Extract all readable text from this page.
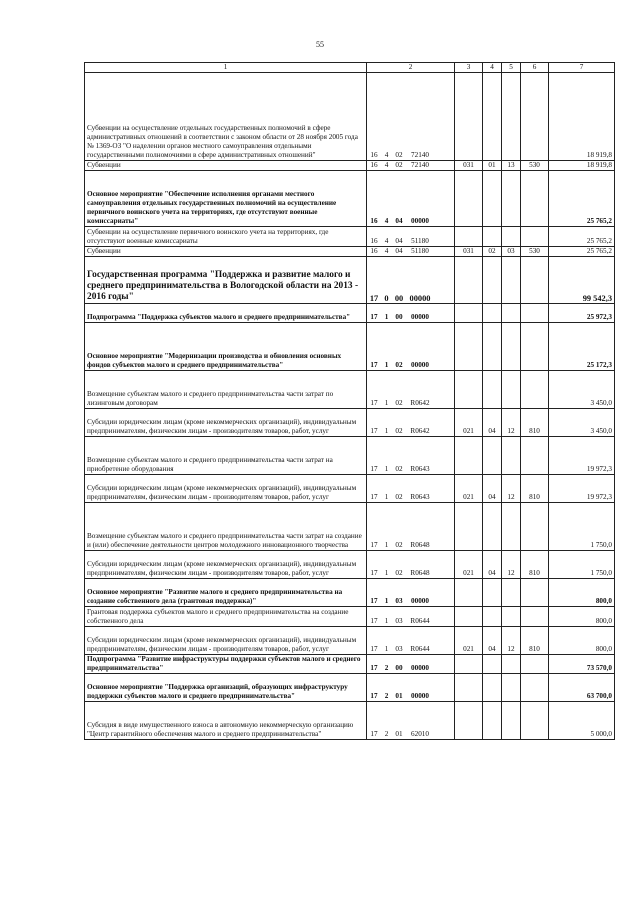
55
1	2	3	4	5	6	7
Субвенции на осуществление отдельных государственных полномочий в сфере административных отношений в соответствии с законом области от 28 ноября 2005 года № 1369-ОЗ "О наделении органов местного самоуправления отдельными государственными полномочиями в сфере административных отношений"	16 4 02 72140					18 919,8
Субвенции	16 4 02 72140	031	01	13	530	18 919,8
Основное мероприятие "Обеспечение исполнения органами местного самоуправления отдельных государственных полномочий на осуществление первичного воинского учета на территориях, где отсутствуют военные комиссариаты"	16 4 04 00000					25 765,2
Субвенции на осуществление первичного воинского учета на территориях, где отсутствуют военные комиссариаты	16 4 04 51180					25 765,2
Субвенции	16 4 04 51180	031	02	03	530	25 765,2
Государственная программа "Поддержка и развитие малого и среднего предпринимательства в Вологодской области на 2013 - 2016 годы"	17 0 00 00000					99 542,3
Подпрограмма "Поддержка субъектов малого и среднего предпринимательства"	17 1 00 00000					25 972,3
Основное мероприятие "Модернизации производства и обновления основных фондов субъектов малого и среднего предпринимательства"	17 1 02 00000					25 172,3
Возмещение субъектам малого и среднего предпринимательства части затрат по лизинговым договорам	17 1 02 R0642					3 450,0
Субсидии юридическим лицам (кроме некоммерческих организаций), индивидуальным предпринимателям, физическим лицам - производителям товаров, работ, услуг	17 1 02 R0642	021	04	12	810	3 450,0
Возмещение субъектам малого и среднего предпринимательства части затрат на приобретение оборудования	17 1 02 R0643					19 972,3
Субсидии юридическим лицам (кроме некоммерческих организаций), индивидуальным предпринимателям, физическим лицам - производителям товаров, работ, услуг	17 1 02 R0643	021	04	12	810	19 972,3
Возмещение субъектам малого и среднего предпринимательства части затрат на создание и (или) обеспечение деятельности центров молодежного инновационного творчества	17 1 02 R0648					1 750,0
Субсидии юридическим лицам (кроме некоммерческих организаций), индивидуальным предпринимателям, физическим лицам - производителям товаров, работ, услуг	17 1 02 R0648	021	04	12	810	1 750,0
Основное мероприятие "Развитие малого и среднего предпринимательства на создание собственного дела (грантовая поддержка)"	17 1 03 00000					800,0
Грантовая поддержка субъектов малого и среднего предпринимательства на создание собственного дела	17 1 03 R0644					800,0
Субсидии юридическим лицам (кроме некоммерческих организаций), индивидуальным предпринимателям, физическим лицам - производителям товаров, работ, услуг	17 1 03 R0644	021	04	12	810	800,0
Подпрограмма "Развитие инфраструктуры поддержки субъектов малого и среднего предпринимательства"	17 2 00 00000					73 570,0
Основное мероприятие "Поддержка организаций, образующих инфраструктуру поддержки субъектов малого и среднего предпринимательства"	17 2 01 00000					63 700,0
Субсидия в виде имущественного взноса в автономную некоммерческую организацию "Центр гарантийного обеспечения малого и среднего предпринимательства"	17 2 01 62010					5 000,0
